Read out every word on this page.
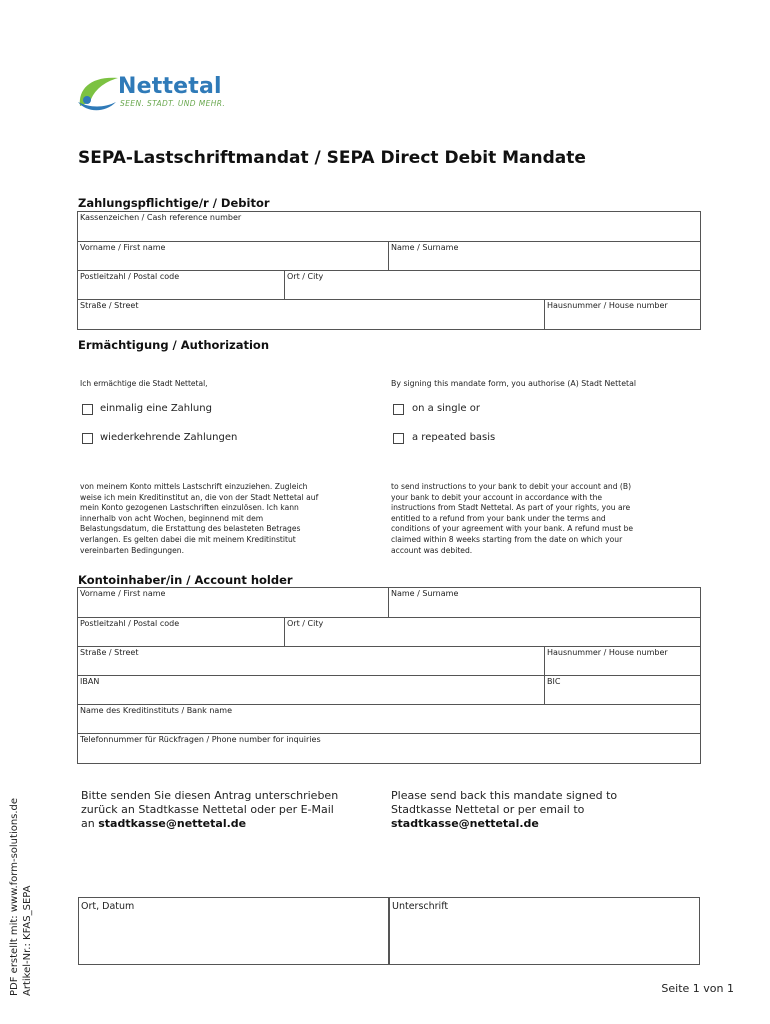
Nettetal
SEEN. STADT. UND MEHR.
SEPA-Lastschriftmandat / SEPA Direct Debit Mandate
Zahlungspflichtige/r / Debitor
Kassenzeichen / Cash reference number
Vorname / First name	Name / Surname
Postleitzahl / Postal code	Ort / City
Straße / Street	Hausnummer / House number
Ermächtigung / Authorization
Ich ermächtige die Stadt Nettetal,	By signing this mandate form, you authorise (A) Stadt Nettetal
einmalig eine Zahlung	on a single or
wiederkehrende Zahlungen	a repeated basis
von meinem Konto mittels Lastschrift einzuziehen. Zugleich
weise ich mein Kreditinstitut an, die von der Stadt Nettetal auf
mein Konto gezogenen Lastschriften einzulösen. Ich kann
innerhalb von acht Wochen, beginnend mit dem
Belastungsdatum, die Erstattung des belasteten Betrages
verlangen. Es gelten dabei die mit meinem Kreditinstitut
vereinbarten Bedingungen.
to send instructions to your bank to debit your account and (B)
your bank to debit your account in accordance with the
instructions from Stadt Nettetal. As part of your rights, you are
entitled to a refund from your bank under the terms and
conditions of your agreement with your bank. A refund must be
claimed within 8 weeks starting from the date on which your
account was debited.
Kontoinhaber/in / Account holder
Vorname / First name	Name / Surname
Postleitzahl / Postal code	Ort / City
Straße / Street	Hausnummer / House number
IBAN	BIC
Name des Kreditinstituts / Bank name
Telefonnummer für Rückfragen / Phone number for inquiries
Bitte senden Sie diesen Antrag unterschrieben
zurück an Stadtkasse Nettetal oder per E-Mail
an stadtkasse@nettetal.de
Please send back this mandate signed to
Stadtkasse Nettetal or per email to
stadtkasse@nettetal.de
Ort, Datum	Unterschrift
PDF erstellt mit: www.form-solutions.de
Artikel-Nr.: KFAS_SEPA
Seite 1 von 1
